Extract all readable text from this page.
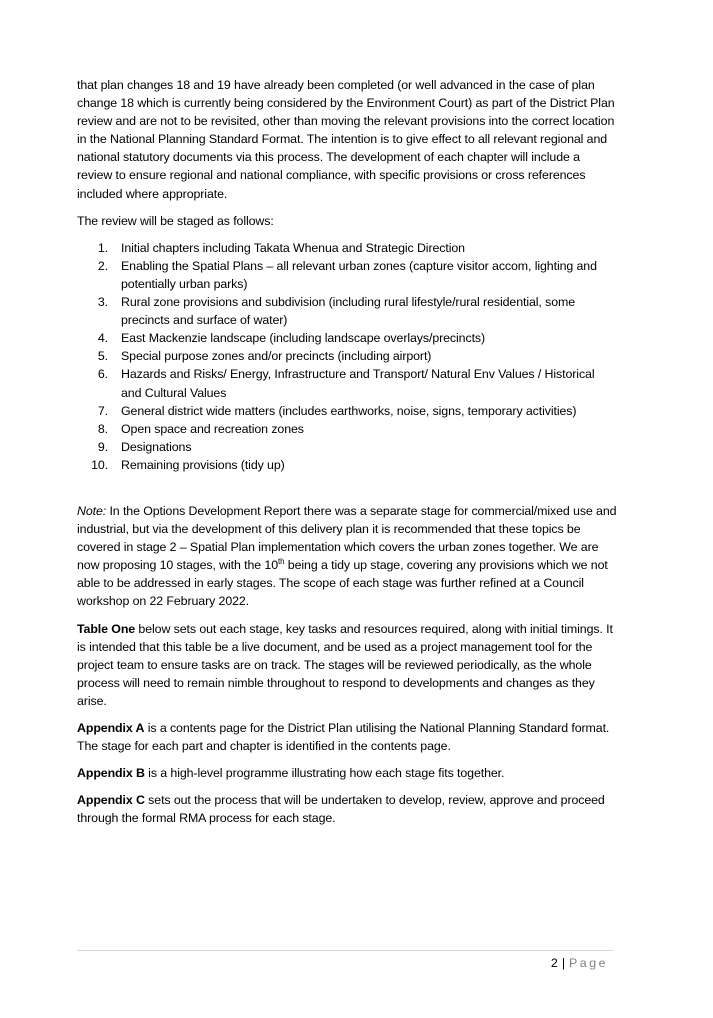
that plan changes 18 and 19 have already been completed (or well advanced in the case of plan change 18 which is currently being considered by the Environment Court) as part of the District Plan review and are not to be revisited, other than moving the relevant provisions into the correct location in the National Planning Standard Format. The intention is to give effect to all relevant regional and national statutory documents via this process. The development of each chapter will include a review to ensure regional and national compliance, with specific provisions or cross references included where appropriate.

The review will be staged as follows:

1. Initial chapters including Takata Whenua and Strategic Direction
2. Enabling the Spatial Plans – all relevant urban zones (capture visitor accom, lighting and potentially urban parks)
3. Rural zone provisions and subdivision (including rural lifestyle/rural residential, some precincts and surface of water)
4. East Mackenzie landscape (including landscape overlays/precincts)
5. Special purpose zones and/or precincts (including airport)
6. Hazards and Risks/ Energy, Infrastructure and Transport/ Natural Env Values / Historical and Cultural Values
7. General district wide matters (includes earthworks, noise, signs, temporary activities)
8. Open space and recreation zones
9. Designations
10. Remaining provisions (tidy up)

Note: In the Options Development Report there was a separate stage for commercial/mixed use and industrial, but via the development of this delivery plan it is recommended that these topics be covered in stage 2 – Spatial Plan implementation which covers the urban zones together. We are now proposing 10 stages, with the 10th being a tidy up stage, covering any provisions which we not able to be addressed in early stages. The scope of each stage was further refined at a Council workshop on 22 February 2022.

Table One below sets out each stage, key tasks and resources required, along with initial timings. It is intended that this table be a live document, and be used as a project management tool for the project team to ensure tasks are on track. The stages will be reviewed periodically, as the whole process will need to remain nimble throughout to respond to developments and changes as they arise.

Appendix A is a contents page for the District Plan utilising the National Planning Standard format. The stage for each part and chapter is identified in the contents page.

Appendix B is a high-level programme illustrating how each stage fits together.

Appendix C sets out the process that will be undertaken to develop, review, approve and proceed through the formal RMA process for each stage.

2 | Page
